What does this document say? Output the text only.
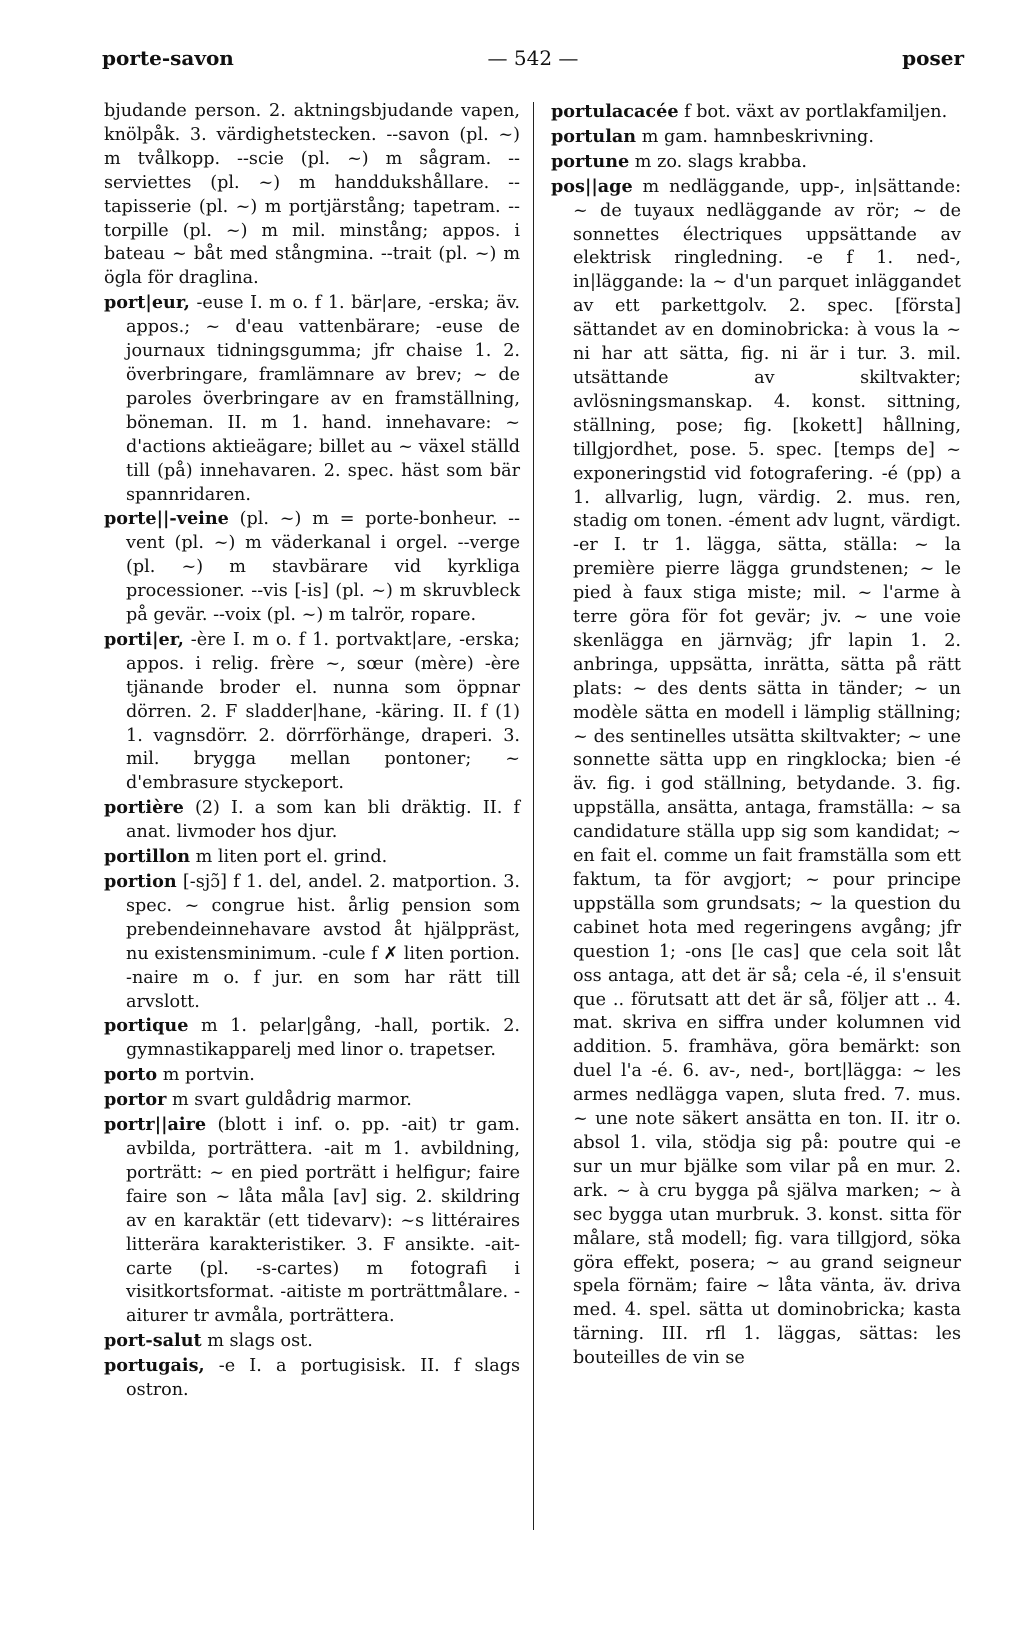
porte-savon	— 542 —	poser

bjudande person. 2. aktningsbjudande vapen, knölpåk. 3. värdighetstecken. --savon (pl. ~) m tvålkopp. --scie (pl. ~) m sågram. --serviettes (pl. ~) m handdukshållare. --tapisserie (pl. ~) m portjärstång; tapetram. --torpille (pl. ~) m mil. minstång; appos. i bateau ~ båt med stångmina. --trait (pl. ~) m ögla för draglina.

port|eur, -euse I. m o. f 1. bär|are, -erska; äv. appos.; ~ d'eau vattenbärare; -euse de journaux tidningsgumma; jfr chaise 1. 2. överbringare, framlämnare av brev; ~ de paroles överbringare av en framställning, böneman. II. m 1. hand. innehavare: ~ d'actions aktieägare; billet au ~ växel ställd till (på) innehavaren. 2. spec. häst som bär spannridaren.

porte||-veine (pl. ~) m = porte-bonheur. --vent (pl. ~) m väderkanal i orgel. --verge (pl. ~) m stavbärare vid kyrkliga processioner. --vis [-is] (pl. ~) m skruvbleck på gevär. --voix (pl. ~) m talrör, ropare.

porti|er, -ère I. m o. f 1. portvakt|are, -erska; appos. i relig. frère ~, sœur (mère) -ère tjänande broder el. nunna som öppnar dörren. 2. F sladder|hane, -käring. II. f (1) 1. vagnsdörr. 2. dörrförhänge, draperi. 3. mil. brygga mellan pontoner; ~ d'embrasure styckeport.

portière (2) I. a som kan bli dräktig. II. f anat. livmoder hos djur.

portillon m liten port el. grind.

portion [-sjɔ̃] f 1. del, andel. 2. matportion. 3. spec. ~ congrue hist. årlig pension som prebendeinnehavare avstod åt hjälppräst, nu existensminimum. -cule f ✗ liten portion. -naire m o. f jur. en som har rätt till arvslott.

portique m 1. pelar|gång, -hall, portik. 2. gymnastikapparelj med linor o. trapetser.

porto m portvin.

portor m svart guldådrig marmor.

portr||aire (blott i inf. o. pp. -ait) tr gam. avbilda, porträttera. -ait m 1. avbildning, porträtt: ~ en pied porträtt i helfigur; faire faire son ~ låta måla [av] sig. 2. skildring av en karaktär (ett tidevarv): ~s littéraires litterära karakteristiker. 3. F ansikte. -ait-carte (pl. -s-cartes) m fotografi i visitkortsformat. -aitiste m porträttmålare. -aiturer tr avmåla, porträttera.

port-salut m slags ost.

portugais, -e I. a portugisisk. II. f slags ostron.

portulacacée f bot. växt av portlakfamiljen.

portulan m gam. hamnbeskrivning.

portune m zo. slags krabba.

pos||age m nedläggande, upp-, in|sättande: ~ de tuyaux nedläggande av rör; ~ de sonnettes électriques uppsättande av elektrisk ringledning. -e f 1. ned-, in|läggande: la ~ d'un parquet inläggandet av ett parkettgolv. 2. spec. [första] sättandet av en dominobricka: à vous la ~ ni har att sätta, fig. ni är i tur. 3. mil. utsättande av skiltvakter; avlösningsmanskap. 4. konst. sittning, ställning, pose; fig. [kokett] hållning, tillgjordhet, pose. 5. spec. [temps de] ~ exponeringstid vid fotografering. -é (pp) a 1. allvarlig, lugn, värdig. 2. mus. ren, stadig om tonen. -ément adv lugnt, värdigt. -er I. tr 1. lägga, sätta, ställa: ~ la première pierre lägga grundstenen; ~ le pied à faux stiga miste; mil. ~ l'arme à terre göra för fot gevär; jv. ~ une voie skenlägga en järnväg; jfr lapin 1. 2. anbringa, uppsätta, inrätta, sätta på rätt plats: ~ des dents sätta in tänder; ~ un modèle sätta en modell i lämplig ställning; ~ des sentinelles utsätta skiltvakter; ~ une sonnette sätta upp en ringklocka; bien -é äv. fig. i god ställning, betydande. 3. fig. uppställa, ansätta, antaga, framställa: ~ sa candidature ställa upp sig som kandidat; ~ en fait el. comme un fait framställa som ett faktum, ta för avgjort; ~ pour principe uppställa som grundsats; ~ la question du cabinet hota med regeringens avgång; jfr question 1; -ons [le cas] que cela soit låt oss antaga, att det är så; cela -é, il s'ensuit que .. förutsatt att det är så, följer att .. 4. mat. skriva en siffra under kolumnen vid addition. 5. framhäva, göra bemärkt: son duel l'a -é. 6. av-, ned-, bort|lägga: ~ les armes nedlägga vapen, sluta fred. 7. mus. ~ une note säkert ansätta en ton. II. itr o. absol 1. vila, stödja sig på: poutre qui -e sur un mur bjälke som vilar på en mur. 2. ark. ~ à cru bygga på själva marken; ~ à sec bygga utan murbruk. 3. konst. sitta för målare, stå modell; fig. vara tillgjord, söka göra effekt, posera; ~ au grand seigneur spela förnäm; faire ~ låta vänta, äv. driva med. 4. spel. sätta ut dominobricka; kasta tärning. III. rfl 1. läggas, sättas: les bouteilles de vin se
